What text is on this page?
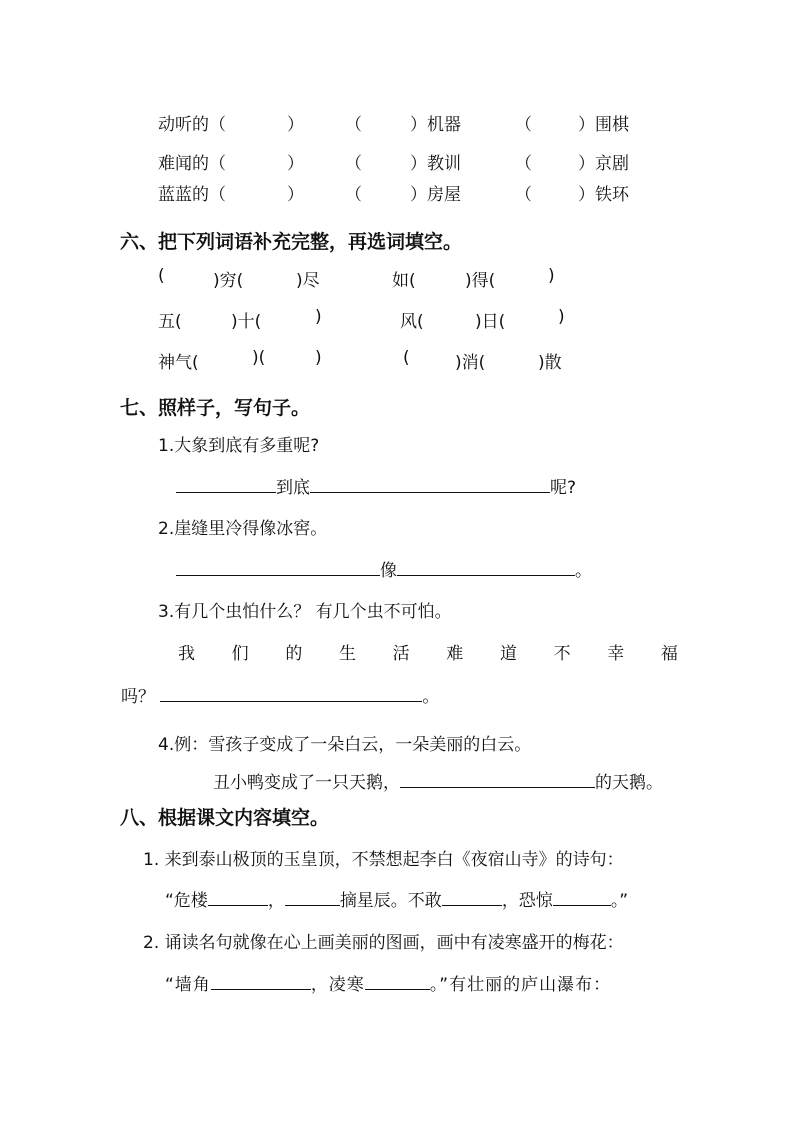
动听的（	） （	）机器	（	）围棋
难闻的（	） （	）教训	（	）京剧
蓝蓝的（	） （	）房屋	（	）铁环
六、把下列词语补充完整，再选词填空。
(	)穷(	)尽	如(	)得(	)
五(	)十(	)	风(	)日(	)
神气(	)(	)	(	)消(	)散
七、照样子，写句子。
1.大象到底有多重呢?
到底	呢?
2.崖缝里冷得像冰窖。
像	。
3.有几个虫怕什么？ 有几个虫不可怕。
我 们 的 生 活 难 道 不 幸 福
吗？	。
4.例：雪孩子变成了一朵白云，一朵美丽的白云。
丑小鸭变成了一只天鹅，	的天鹅。
八、根据课文内容填空。
1. 来到泰山极顶的玉皇顶，不禁想起李白《夜宿山寺》的诗句：
“危楼	，	摘星辰。不敢	，恐惊	。”
2. 诵读名句就像在心上画美丽的图画，画中有凌寒盛开的梅花：
“墙角	，凌寒	。”有壮丽的庐山瀑布：
